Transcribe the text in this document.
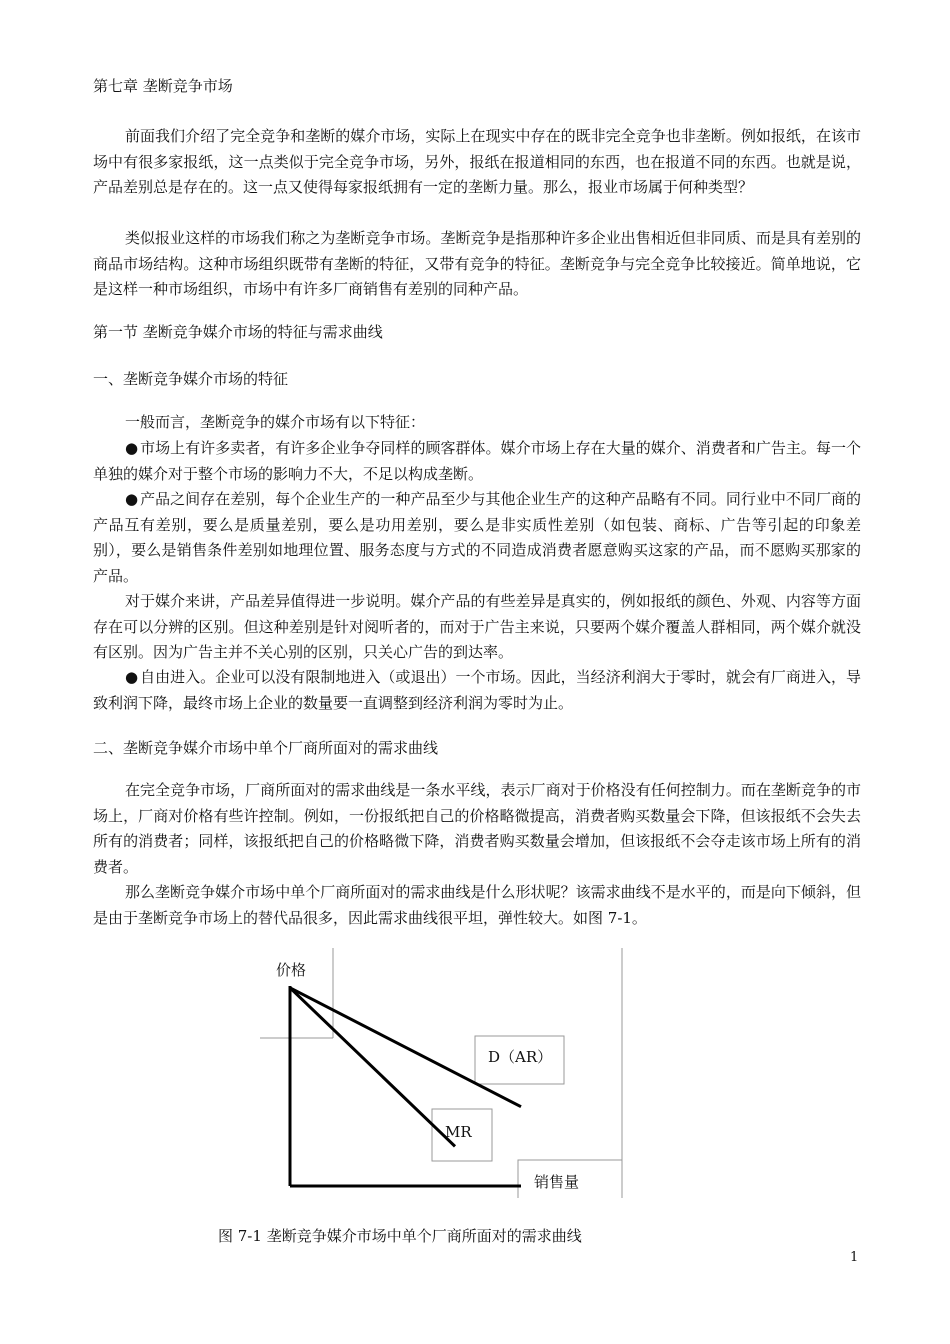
第七章 垄断竞争市场
前面我们介绍了完全竞争和垄断的媒介市场，实际上在现实中存在的既非完全竞争也非垄断。例如报纸，在该市场中有很多家报纸，这一点类似于完全竞争市场，另外，报纸在报道相同的东西，也在报道不同的东西。也就是说，产品差别总是存在的。这一点又使得每家报纸拥有一定的垄断力量。那么，报业市场属于何种类型？
类似报业这样的市场我们称之为垄断竞争市场。垄断竞争是指那种许多企业出售相近但非同质、而是具有差别的商品市场结构。这种市场组织既带有垄断的特征，又带有竞争的特征。垄断竞争与完全竞争比较接近。简单地说，它是这样一种市场组织，市场中有许多厂商销售有差别的同种产品。
第一节 垄断竞争媒介市场的特征与需求曲线
一、垄断竞争媒介市场的特征
一般而言，垄断竞争的媒介市场有以下特征：
● 市场上有许多卖者，有许多企业争夺同样的顾客群体。媒介市场上存在大量的媒介、消费者和广告主。每一个单独的媒介对于整个市场的影响力不大，不足以构成垄断。
● 产品之间存在差别，每个企业生产的一种产品至少与其他企业生产的这种产品略有不同。同行业中不同厂商的产品互有差别，要么是质量差别，要么是功用差别，要么是非实质性差别（如包装、商标、广告等引起的印象差别），要么是销售条件差别如地理位置、服务态度与方式的不同造成消费者愿意购买这家的产品，而不愿购买那家的产品。
对于媒介来讲，产品差异值得进一步说明。媒介产品的有些差异是真实的，例如报纸的颜色、外观、内容等方面存在可以分辨的区别。但这种差别是针对阅听者的，而对于广告主来说，只要两个媒介覆盖人群相同，两个媒介就没有区别。因为广告主并不关心别的区别，只关心广告的到达率。
● 自由进入。企业可以没有限制地进入（或退出）一个市场。因此，当经济利润大于零时，就会有厂商进入，导致利润下降，最终市场上企业的数量要一直调整到经济利润为零时为止。
二、垄断竞争媒介市场中单个厂商所面对的需求曲线
在完全竞争市场，厂商所面对的需求曲线是一条水平线，表示厂商对于价格没有任何控制力。而在垄断竞争的市场上，厂商对价格有些许控制。例如，一份报纸把自己的价格略微提高，消费者购买数量会下降，但该报纸不会失去所有的消费者；同样，该报纸把自己的价格略微下降，消费者购买数量会增加，但该报纸不会夺走该市场上所有的消费者。
那么垄断竞争媒介市场中单个厂商所面对的需求曲线是什么形状呢？该需求曲线不是水平的，而是向下倾斜，但是由于垄断竞争市场上的替代品很多，因此需求曲线很平坦，弹性较大。如图 7-1。
价格
D（AR）
MR
销售量
图 7-1 垄断竞争媒介市场中单个厂商所面对的需求曲线
1
